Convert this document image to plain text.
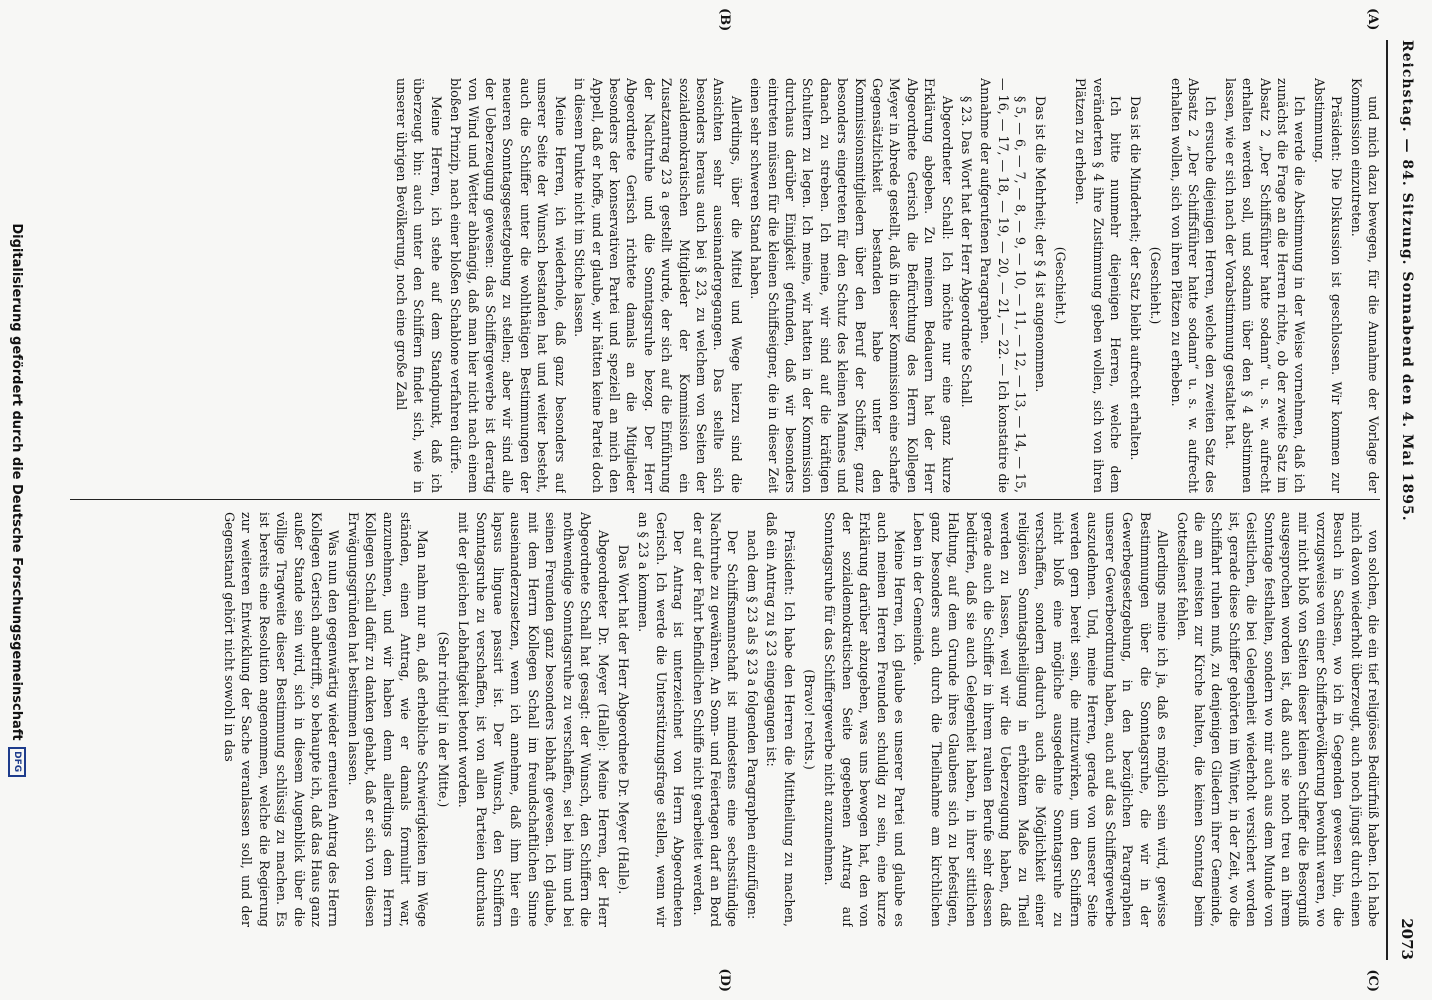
Reichstag. — 84. Sitzung. Sonnabend den 4. Mai 1895.
2073
(A)
(B)
(C)
(D)

und mich dazu bewegen, für die Annahme der Vorlage der Kommission einzutreten.

Präsident: Die Diskussion ist geschlossen. Wir kommen zur Abstimmung.

Ich werde die Abstimmung in der Weise vornehmen, daß ich zunächst die Frage an die Herren richte, ob der zweite Satz im Absatz 2 „Der Schiffsführer hatte sodann“ u. s. w. aufrecht erhalten werden soll, und sodann über den § 4 abstimmen lassen, wie er sich nach der Vorabstimmung gestaltet hat.

Ich ersuche diejenigen Herren, welche den zweiten Satz des Absatz 2 „Der Schiffsführer hatte sodann“ u. s. w. aufrecht erhalten wollen, sich von ihren Plätzen zu erheben.

(Geschieht.)

Das ist die Minderheit; der Satz bleibt aufrecht erhalten.

Ich bitte nunmehr diejenigen Herren, welche dem veränderten § 4 ihre Zustimmung geben wollen, sich von ihren Plätzen zu erheben.

(Geschieht.)

Das ist die Mehrheit; der § 4 ist angenommen.

§ 5, — 6, — 7, — 8, — 9, — 10, — 11, — 12, — 13, — 14, — 15, — 16, — 17, — 18, — 19, — 20, — 21, — 22. — Ich konstatire die Annahme der aufgerufenen Paragraphen.

§ 23. Das Wort hat der Herr Abgeordnete Schall.

Abgeordneter Schall: Ich möchte nur eine ganz kurze Erklärung abgeben. Zu meinem Bedauern hat der Herr Abgeordnete Gerisch die Befürchtung des Herrn Kollegen Meyer in Abrede gestellt, daß in dieser Kommission eine scharfe Gegensätzlichkeit bestanden habe unter den Kommissionsmitgliedern über den Beruf der Schiffer, ganz besonders eingetreten für den Schutz des kleinen Mannes und danach zu streben. Ich meine, wir sind auf die kräftigen Schultern zu legen. Ich meine, wir hatten in der Kommission durchaus darüber Einigkeit gefunden, daß wir besonders eintreten müssen für die kleinen Schiffseigner, die in dieser Zeit einen sehr schweren Stand haben.

Allerdings, über die Mittel und Wege hierzu sind die Ansichten sehr auseinandergegangen. Das stellte sich besonders heraus auch bei § 23, zu welchem von Seiten der sozialdemokratischen Mitglieder der Kommission ein Zusatzantrag 23 a gestellt wurde, der sich auf die Einführung der Nachtruhe und die Sonntagsruhe bezog. Der Herr Abgeordnete Gerisch richtete damals an die Mitglieder besonders der konservativen Partei und speziell an mich den Appell, daß er hoffe, und er glaube, wir hätten keine Partei doch in diesem Punkte nicht im Stiche lassen.

Meine Herren, ich wiederhole, daß ganz besonders auf unserer Seite der Wunsch bestanden hat und weiter besteht, auch die Schiffer unter die wohlthätigen Bestimmungen der neueren Sonntagsgesetzgebung zu stellen; aber wir sind alle der Ueberzeugung gewesen: das Schiffergewerbe ist derartig von Wind und Wetter abhängig, daß man hier nicht nach einem bloßen Prinzip, nach einer bloßen Schablone verfahren dürfe.

Meine Herren, ich stehe auf dem Standpunkt, daß ich überzeugt bin: auch unter den Schiffern findet sich, wie in unserer übrigen Bevölkerung, noch eine große Zahl

von solchen, die ein tief religiöses Bedürfniß haben. Ich habe mich davon wiederholt überzeugt, auch noch jüngst durch einen Besuch in Sachsen, wo ich in Gegenden gewesen bin, die vorzugsweise von einer Schifferbevölkerung bewohnt waren, wo mir nicht bloß von Seiten dieser kleinen Schiffer die Besorgniß ausgesprochen worden ist, daß auch sie noch treu an ihrem Sonntage festhalten, sondern wo mir auch aus dem Munde von Geistlichen, die bei Gelegenheit wiederholt versichert worden ist, gerade diese Schiffer gehörten im Winter, in der Zeit, wo die Schiffahrt ruhen muß, zu denjenigen Gliedern ihrer Gemeinde, die am meisten zur Kirche halten, die keinen Sonntag beim Gottesdienst fehlen.

Allerdings meine ich ja, daß es möglich sein wird, gewisse Bestimmungen über die Sonntagsruhe, die wir in der Gewerbegesetzgebung, in den bezüglichen Paragraphen unserer Gewerbeordnung haben, auch auf das Schiffergewerbe auszudehnen. Und, meine Herren, gerade von unserer Seite werden gern bereit sein, die mitzuwirken, um den Schiffern nicht bloß eine mögliche ausgedehnte Sonntagsruhe zu verschaffen, sondern dadurch auch die Möglichkeit einer religiösen Sonntagsheiligung in erhöhtem Maße zu Theil werden zu lassen, weil wir die Ueberzeugung haben, daß gerade auch die Schiffer in ihrem rauhen Berufe sehr dessen bedürfen, daß sie auch Gelegenheit haben, in ihrer sittlichen Haltung, auf dem Grunde ihres Glaubens sich zu befestigen, ganz besonders auch durch die Theilnahme am kirchlichen Leben in der Gemeinde.

Meine Herren, ich glaube es unserer Partei und glaube es auch meinen Herren Freunden schuldig zu sein, eine kurze Erklärung darüber abzugeben, was uns bewogen hat, den von der sozialdemokratischen Seite gegebenen Antrag auf Sonntagsruhe für das Schiffergewerbe nicht anzunehmen.

(Bravo! rechts.)

Präsident: Ich habe den Herren die Mittheilung zu machen, daß ein Antrag zu § 23 eingegangen ist:

nach dem § 23 als § 23 a folgenden Paragraphen einzufügen:

Der Schiffsmannschaft ist mindestens eine sechsstündige Nachtruhe zu gewähren. An Sonn- und Feiertagen darf an Bord der auf der Fahrt befindlichen Schiffe nicht gearbeitet werden.

Der Antrag ist unterzeichnet von Herrn Abgeordneten Gerisch. Ich werde die Unterstützungsfrage stellen, wenn wir an § 23 a kommen.

Das Wort hat der Herr Abgeordnete Dr. Meyer (Halle).

Abgeordneter Dr. Meyer (Halle): Meine Herren, der Herr Abgeordnete Schall hat gesagt: der Wunsch, den Schiffern die nothwendige Sonntagsruhe zu verschaffen, sei bei ihm und bei seinen Freunden ganz besonders lebhaft gewesen. Ich glaube, mit dem Herrn Kollegen Schall im freundschaftlichen Sinne auseinanderzusetzen, wenn ich annehme, daß ihm hier ein lapsus linguae passirt ist. Der Wunsch, den Schiffern Sonntagsruhe zu verschaffen, ist von allen Parteien durchaus mit der gleichen Lebhaftigkeit betont worden.

(Sehr richtig! in der Mitte.)

Man nahm nur an, daß erhebliche Schwierigkeiten im Wege ständen, einen Antrag, wie er damals formulirt war, anzunehmen, und wir haben denn allerdings dem Herrn Kollegen Schall dafür zu danken gehabt, daß er sich von diesen Erwägungsgründen hat bestimmen lassen.

Was nun den gegenwärtig wieder erneuten Antrag des Herrn Kollegen Gerisch anbetrifft, so behaupte ich, daß das Haus ganz außer Stande sein wird, sich in diesem Augenblick über die völlige Tragweite dieser Bestimmung schlüssig zu machen. Es ist bereits eine Resolution angenommen, welche die Regierung zur weiteren Entwicklung der Sache veranlassen soll, und der Gegenstand gehört nicht sowohl in das

Digitalisierung gefördert durch die Deutsche Forschungsgemeinschaft
DFG
